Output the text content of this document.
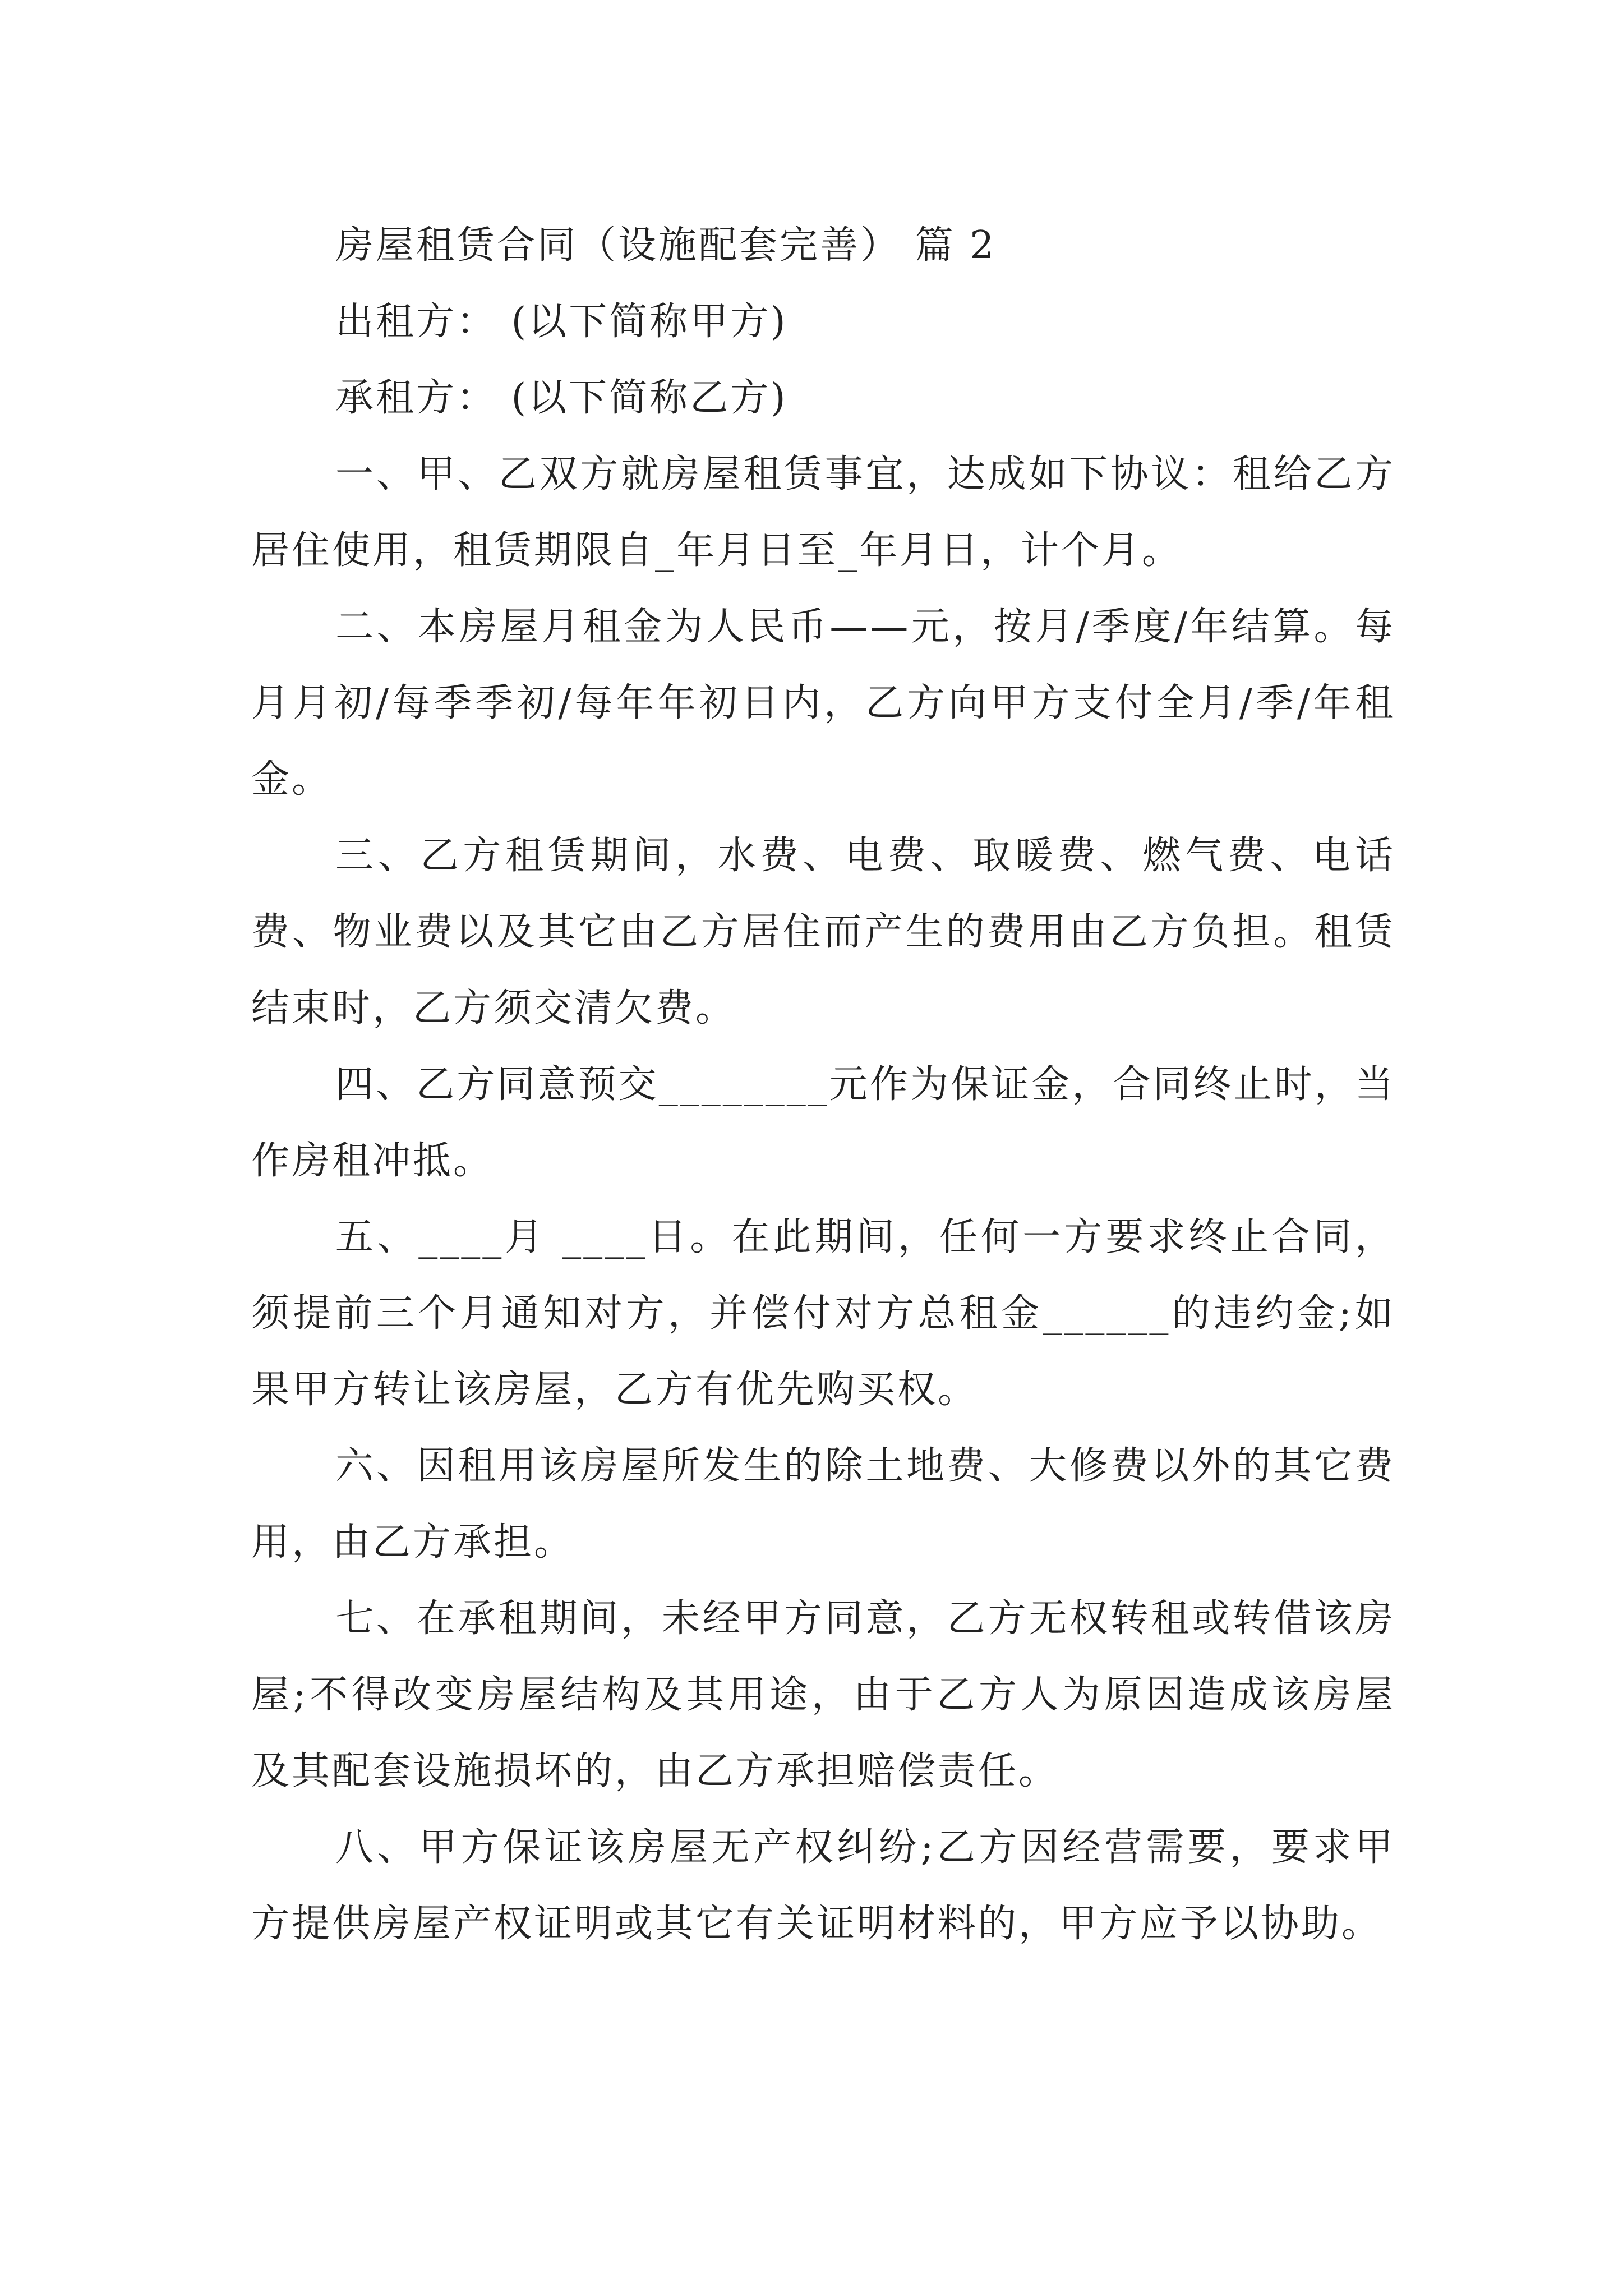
房屋租赁合同（设施配套完善） 篇 2

出租方： (以下简称甲方)

承租方： (以下简称乙方)

一、甲、乙双方就房屋租赁事宜，达成如下协议：租给乙方居住使用，租赁期限自_年月日至_年月日，计个月。

二、本房屋月租金为人民币——元，按月/季度/年结算。每月月初/每季季初/每年年初日内，乙方向甲方支付全月/季/年租金。

三、乙方租赁期间，水费、电费、取暖费、燃气费、电话费、物业费以及其它由乙方居住而产生的费用由乙方负担。租赁结束时，乙方须交清欠费。

四、乙方同意预交________元作为保证金，合同终止时，当作房租冲抵。

五、____月 ____日。在此期间，任何一方要求终止合同，须提前三个月通知对方，并偿付对方总租金______的违约金;如果甲方转让该房屋，乙方有优先购买权。

六、因租用该房屋所发生的除土地费、大修费以外的其它费用，由乙方承担。

七、在承租期间，未经甲方同意，乙方无权转租或转借该房屋;不得改变房屋结构及其用途，由于乙方人为原因造成该房屋及其配套设施损坏的，由乙方承担赔偿责任。

八、甲方保证该房屋无产权纠纷;乙方因经营需要，要求甲方提供房屋产权证明或其它有关证明材料的，甲方应予以协助。
